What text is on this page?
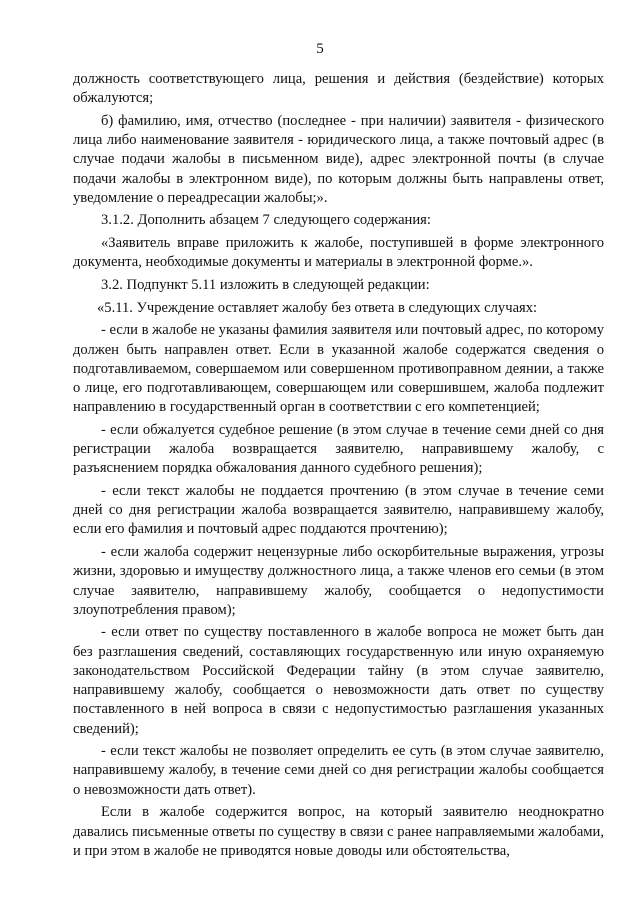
5

должность соответствующего лица, решения и действия (бездействие) которых обжалуются;

б) фамилию, имя, отчество (последнее - при наличии) заявителя - физического лица либо наименование заявителя - юридического лица, а также почтовый адрес (в случае подачи жалобы в письменном виде), адрес электронной почты (в случае подачи жалобы в электронном виде), по которым должны быть направлены ответ, уведомление о переадресации жалобы;».

3.1.2. Дополнить абзацем 7 следующего содержания:

«Заявитель вправе приложить к жалобе, поступившей в форме электронного документа, необходимые документы и материалы в электронной форме.».

3.2. Подпункт 5.11 изложить в следующей редакции:

«5.11. Учреждение оставляет жалобу без ответа в следующих случаях:

- если в жалобе не указаны фамилия заявителя или почтовый адрес, по которому должен быть направлен ответ. Если в указанной жалобе содержатся сведения о подготавливаемом, совершаемом или совершенном противоправном деянии, а также о лице, его подготавливающем, совершающем или совершившем, жалоба подлежит направлению в государственный орган в соответствии с его компетенцией;

- если обжалуется судебное решение (в этом случае в течение семи дней со дня регистрации жалоба возвращается заявителю, направившему жалобу, с разъяснением порядка обжалования данного судебного решения);

- если текст жалобы не поддается прочтению (в этом случае в течение семи дней со дня регистрации жалоба возвращается заявителю, направившему жалобу, если его фамилия и почтовый адрес поддаются прочтению);

- если жалоба содержит нецензурные либо оскорбительные выражения, угрозы жизни, здоровью и имуществу должностного лица, а также членов его семьи (в этом случае заявителю, направившему жалобу, сообщается о недопустимости злоупотребления правом);

- если ответ по существу поставленного в жалобе вопроса не может быть дан без разглашения сведений, составляющих государственную или иную охраняемую законодательством Российской Федерации тайну (в этом случае заявителю, направившему жалобу, сообщается о невозможности дать ответ по существу поставленного в ней вопроса в связи с недопустимостью разглашения указанных сведений);

- если текст жалобы не позволяет определить ее суть (в этом случае заявителю, направившему жалобу, в течение семи дней со дня регистрации жалобы сообщается о невозможности дать ответ).

Если в жалобе содержится вопрос, на который заявителю неоднократно давались письменные ответы по существу в связи с ранее направляемыми жалобами, и при этом в жалобе не приводятся новые доводы или обстоятельства,
